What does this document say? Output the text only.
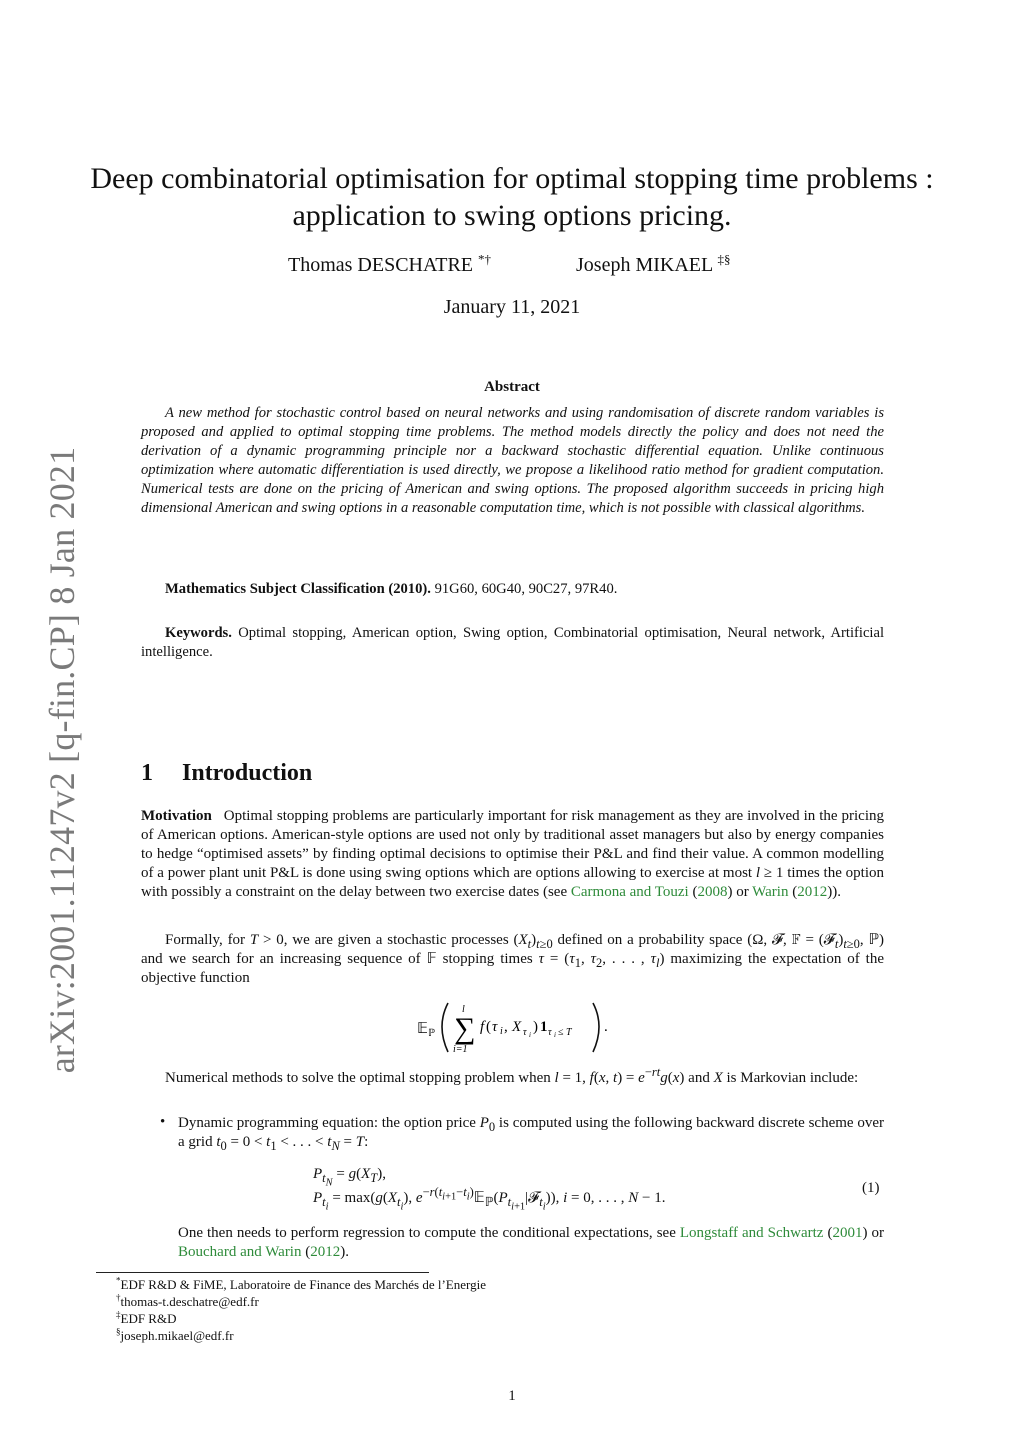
arXiv:2001.11247v2 [q-fin.CP] 8 Jan 2021
Deep combinatorial optimisation for optimal stopping time problems : application to swing options pricing.
Thomas DESCHATRE *†	Joseph MIKAEL ‡§
January 11, 2021
Abstract
A new method for stochastic control based on neural networks and using randomisation of discrete random variables is proposed and applied to optimal stopping time problems. The method models directly the policy and does not need the derivation of a dynamic programming principle nor a backward stochastic differential equation. Unlike continuous optimization where automatic differentiation is used directly, we propose a likelihood ratio method for gradient computation. Numerical tests are done on the pricing of American and swing options. The proposed algorithm succeeds in pricing high dimensional American and swing options in a reasonable computation time, which is not possible with classical algorithms.
Mathematics Subject Classification (2010). 91G60, 60G40, 90C27, 97R40.
Keywords. Optimal stopping, American option, Swing option, Combinatorial optimisation, Neural network, Artificial intelligence.
1 Introduction
Motivation Optimal stopping problems are particularly important for risk management as they are involved in the pricing of American options. American-style options are used not only by traditional asset managers but also by energy companies to hedge “optimised assets” by finding optimal decisions to optimise their P&L and find their value. A common modelling of a power plant unit P&L is done using swing options which are options allowing to exercise at most l ≥ 1 times the option with possibly a constraint on the delay between two exercise dates (see Carmona and Touzi (2008) or Warin (2012)).
Formally, for T > 0, we are given a stochastic processes $(X_t)_{t\ge 0}$ defined on a probability space (Ω, 𝓕, 𝔽 = $(𝓕_t)_{t\ge 0}$, ℙ) and we search for an increasing sequence of 𝔽 stopping times $\tau = (\tau_1$, $\tau_2$, . . . , $\tau_l$) maximizing the expectation of the objective function
𝔼 ℙ ∑
l
i=1
f ( τ i , X τ i ) 1 τ i ≤ T .
Numerical methods to solve the optimal stopping problem when l = 1, f(x, $t) = e^{-rt}g(x)$ and X is Markovian include:
• Dynamic programming equation: the option price $P_0$ is computed using the following backward discrete scheme over a grid $t_0 = 0 < t_1$ < . . . < $t_N = T$:
$P_{t_N} = g(X_T)$,
$P_{t_i} = \max(g(X_{t_i})$, $e^{-r(t_{i+1}-t_i)}𝔼_ℙ(P_{t_{i+1}}|𝓕_{t_i})$), i = 0, . . . , N − 1.
(1)
One then needs to perform regression to compute the conditional expectations, see Longstaff and Schwartz (2001) or Bouchard and Warin (2012).
*EDF R&D & FiME, Laboratoire de Finance des Marchés de l’Energie
†thomas-t.deschatre@edf.fr
‡EDF R&D
§joseph.mikael@edf.fr
1
